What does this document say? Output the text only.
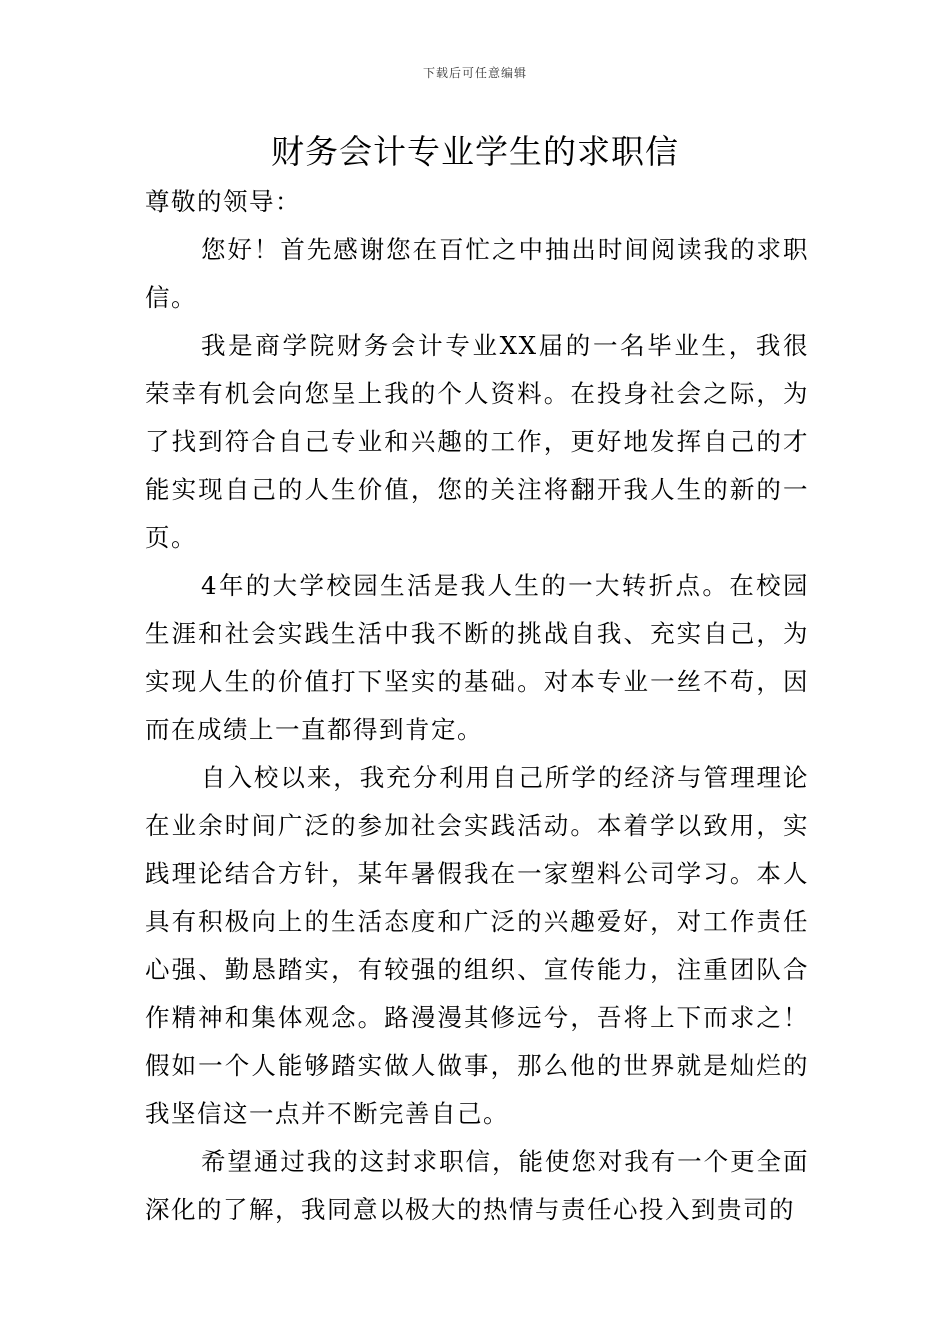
下载后可任意编辑
财务会计专业学生的求职信

尊敬的领导：

您好！首先感谢您在百忙之中抽出时间阅读我的求职信。

我是商学院财务会计专业XX届的一名毕业生，我很荣幸有机会向您呈上我的个人资料。在投身社会之际，为了找到符合自己专业和兴趣的工作，更好地发挥自己的才能实现自己的人生价值，您的关注将翻开我人生的新的一页。

4年的大学校园生活是我人生的一大转折点。在校园生涯和社会实践生活中我不断的挑战自我、充实自己，为实现人生的价值打下坚实的基础。对本专业一丝不苟，因而在成绩上一直都得到肯定。

自入校以来，我充分利用自己所学的经济与管理理论在业余时间广泛的参加社会实践活动。本着学以致用，实践理论结合方针，某年暑假我在一家塑料公司学习。本人具有积极向上的生活态度和广泛的兴趣爱好，对工作责任心强、勤恳踏实，有较强的组织、宣传能力，注重团队合作精神和集体观念。路漫漫其修远兮，吾将上下而求之！假如一个人能够踏实做人做事，那么他的世界就是灿烂的我坚信这一点并不断完善自己。

希望通过我的这封求职信，能使您对我有一个更全面深化的了解，我同意以极大的热情与责任心投入到贵司的
